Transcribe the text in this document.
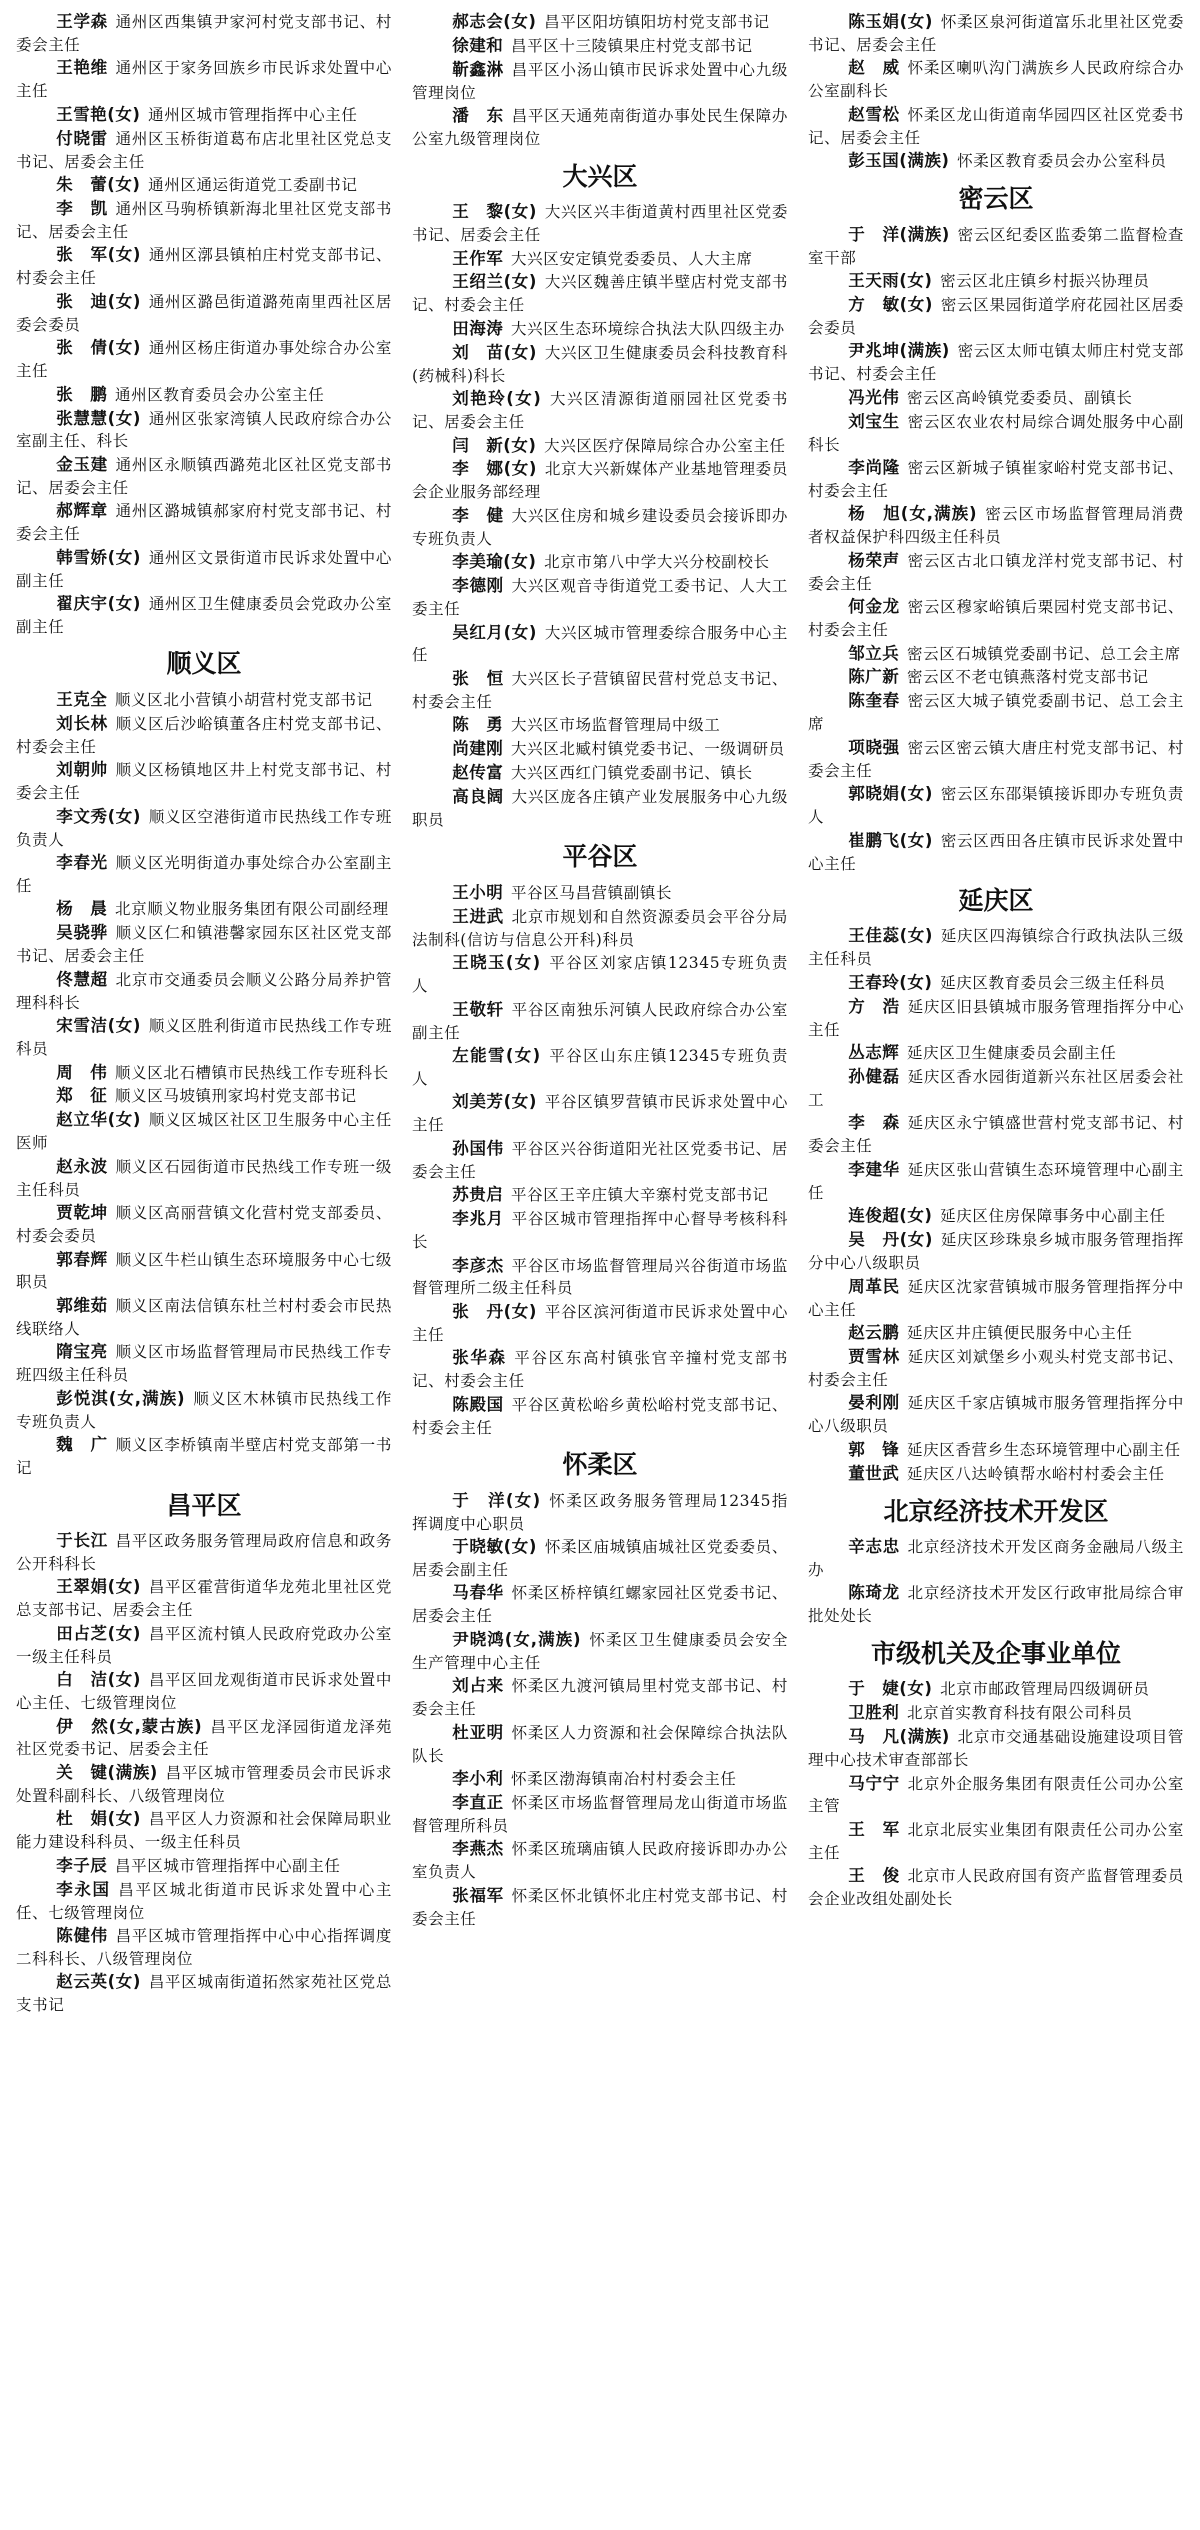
王学森 通州区西集镇尹家河村党支部书记、村委会主任

王艳维 通州区于家务回族乡市民诉求处置中心主任

王雪艳(女) 通州区城市管理指挥中心主任

付晓雷 通州区玉桥街道葛布店北里社区党总支书记、居委会主任

朱　蕾(女) 通州区通运街道党工委副书记

李　凯 通州区马驹桥镇新海北里社区党支部书记、居委会主任

张　军(女) 通州区漷县镇柏庄村党支部书记、村委会主任

张　迪(女) 通州区潞邑街道潞苑南里西社区居委会委员

张　倩(女) 通州区杨庄街道办事处综合办公室主任

张　鹏 通州区教育委员会办公室主任

张慧慧(女) 通州区张家湾镇人民政府综合办公室副主任、科长

金玉建 通州区永顺镇西潞苑北区社区党支部书记、居委会主任

郝辉章 通州区潞城镇郝家府村党支部书记、村委会主任

韩雪娇(女) 通州区文景街道市民诉求处置中心副主任

翟庆宇(女) 通州区卫生健康委员会党政办公室副主任

顺义区

王克全 顺义区北小营镇小胡营村党支部书记

刘长林 顺义区后沙峪镇董各庄村党支部书记、村委会主任

刘朝帅 顺义区杨镇地区井上村党支部书记、村委会主任

李文秀(女) 顺义区空港街道市民热线工作专班负责人

李春光 顺义区光明街道办事处综合办公室副主任

杨　晨 北京顺义物业服务集团有限公司副经理

吴骁骅 顺义区仁和镇港馨家园东区社区党支部书记、居委会主任

佟慧超 北京市交通委员会顺义公路分局养护管理科科长

宋雪洁(女) 顺义区胜利街道市民热线工作专班科员

周　伟 顺义区北石槽镇市民热线工作专班科长

郑　征 顺义区马坡镇刑家坞村党支部书记

赵立华(女) 顺义区城区社区卫生服务中心主任医师

赵永波 顺义区石园街道市民热线工作专班一级主任科员

贾乾坤 顺义区高丽营镇文化营村党支部委员、村委会委员

郭春辉 顺义区牛栏山镇生态环境服务中心七级职员

郭维茹 顺义区南法信镇东杜兰村村委会市民热线联络人

隋宝亮 顺义区市场监督管理局市民热线工作专班四级主任科员

彭悦淇(女,满族) 顺义区木林镇市民热线工作专班负责人

魏　广 顺义区李桥镇南半壁店村党支部第一书记

昌平区

于长江 昌平区政务服务管理局政府信息和政务公开科科长

王翠娟(女) 昌平区霍营街道华龙苑北里社区党总支部书记、居委会主任

田占芝(女) 昌平区流村镇人民政府党政办公室一级主任科员

白　洁(女) 昌平区回龙观街道市民诉求处置中心主任、七级管理岗位

伊　然(女,蒙古族) 昌平区龙泽园街道龙泽苑社区党委书记、居委会主任

关　键(满族) 昌平区城市管理委员会市民诉求处置科副科长、八级管理岗位

杜　娟(女) 昌平区人力资源和社会保障局职业能力建设科科员、一级主任科员

李子辰 昌平区城市管理指挥中心副主任

李永国 昌平区城北街道市民诉求处置中心主任、七级管理岗位

陈健伟 昌平区城市管理指挥中心中心指挥调度二科科长、八级管理岗位

赵云英(女) 昌平区城南街道拓然家苑社区党总支书记

郝志会(女) 昌平区阳坊镇阳坊村党支部书记

徐建和 昌平区十三陵镇果庄村党支部书记

靳鑫淋 昌平区小汤山镇市民诉求处置中心九级管理岗位

潘　东 昌平区天通苑南街道办事处民生保障办公室九级管理岗位

大兴区

王　黎(女) 大兴区兴丰街道黄村西里社区党委书记、居委会主任

王作军 大兴区安定镇党委委员、人大主席

王绍兰(女) 大兴区魏善庄镇半壁店村党支部书记、村委会主任

田海涛 大兴区生态环境综合执法大队四级主办

刘　苗(女) 大兴区卫生健康委员会科技教育科(药械科)科长

刘艳玲(女) 大兴区清源街道丽园社区党委书记、居委会主任

闫　新(女) 大兴区医疗保障局综合办公室主任

李　娜(女) 北京大兴新媒体产业基地管理委员会企业服务部经理

李　健 大兴区住房和城乡建设委员会接诉即办专班负责人

李美瑜(女) 北京市第八中学大兴分校副校长

李德刚 大兴区观音寺街道党工委书记、人大工委主任

吴红月(女) 大兴区城市管理委综合服务中心主任

张　恒 大兴区长子营镇留民营村党总支书记、村委会主任

陈　勇 大兴区市场监督管理局中级工

尚建刚 大兴区北臧村镇党委书记、一级调研员

赵传富 大兴区西红门镇党委副书记、镇长

高良阔 大兴区庞各庄镇产业发展服务中心九级职员

平谷区

王小明 平谷区马昌营镇副镇长

王进武 北京市规划和自然资源委员会平谷分局法制科(信访与信息公开科)科员

王晓玉(女) 平谷区刘家店镇12345专班负责人

王敬轩 平谷区南独乐河镇人民政府综合办公室副主任

左能雪(女) 平谷区山东庄镇12345专班负责人

刘美芳(女) 平谷区镇罗营镇市民诉求处置中心主任

孙国伟 平谷区兴谷街道阳光社区党委书记、居委会主任

苏贵启 平谷区王辛庄镇大辛寨村党支部书记

李兆月 平谷区城市管理指挥中心督导考核科科长

李彦杰 平谷区市场监督管理局兴谷街道市场监督管理所二级主任科员

张　丹(女) 平谷区滨河街道市民诉求处置中心主任

张华森 平谷区东高村镇张官辛撞村党支部书记、村委会主任

陈殿国 平谷区黄松峪乡黄松峪村党支部书记、村委会主任

怀柔区

于　洋(女) 怀柔区政务服务管理局12345指挥调度中心职员

于晓敏(女) 怀柔区庙城镇庙城社区党委委员、居委会副主任

马春华 怀柔区桥梓镇红螺家园社区党委书记、居委会主任

尹晓鸿(女,满族) 怀柔区卫生健康委员会安全生产管理中心主任

刘占来 怀柔区九渡河镇局里村党支部书记、村委会主任

杜亚明 怀柔区人力资源和社会保障综合执法队队长

李小利 怀柔区渤海镇南冶村村委会主任

李直正 怀柔区市场监督管理局龙山街道市场监督管理所科员

李燕杰 怀柔区琉璃庙镇人民政府接诉即办办公室负责人

张福军 怀柔区怀北镇怀北庄村党支部书记、村委会主任

陈玉娟(女) 怀柔区泉河街道富乐北里社区党委书记、居委会主任

赵　威 怀柔区喇叭沟门满族乡人民政府综合办公室副科长

赵雪松 怀柔区龙山街道南华园四区社区党委书记、居委会主任

彭玉国(满族) 怀柔区教育委员会办公室科员

密云区

于　洋(满族) 密云区纪委区监委第二监督检查室干部

王天雨(女) 密云区北庄镇乡村振兴协理员

方　敏(女) 密云区果园街道学府花园社区居委会委员

尹兆坤(满族) 密云区太师屯镇太师庄村党支部书记、村委会主任

冯光伟 密云区高岭镇党委委员、副镇长

刘宝生 密云区农业农村局综合调处服务中心副科长

李尚隆 密云区新城子镇崔家峪村党支部书记、村委会主任

杨　旭(女,满族) 密云区市场监督管理局消费者权益保护科四级主任科员

杨荣声 密云区古北口镇龙洋村党支部书记、村委会主任

何金龙 密云区穆家峪镇后栗园村党支部书记、村委会主任

邹立兵 密云区石城镇党委副书记、总工会主席

陈广新 密云区不老屯镇燕落村党支部书记

陈奎春 密云区大城子镇党委副书记、总工会主席

项晓强 密云区密云镇大唐庄村党支部书记、村委会主任

郭晓娟(女) 密云区东邵渠镇接诉即办专班负责人

崔鹏飞(女) 密云区西田各庄镇市民诉求处置中心主任

延庆区

王佳蕊(女) 延庆区四海镇综合行政执法队三级主任科员

王春玲(女) 延庆区教育委员会三级主任科员

方　浩 延庆区旧县镇城市服务管理指挥分中心主任

丛志辉 延庆区卫生健康委员会副主任

孙健磊 延庆区香水园街道新兴东社区居委会社工

李　森 延庆区永宁镇盛世营村党支部书记、村委会主任

李建华 延庆区张山营镇生态环境管理中心副主任

连俊超(女) 延庆区住房保障事务中心副主任

吴　丹(女) 延庆区珍珠泉乡城市服务管理指挥分中心八级职员

周革民 延庆区沈家营镇城市服务管理指挥分中心主任

赵云鹏 延庆区井庄镇便民服务中心主任

贾雪林 延庆区刘斌堡乡小观头村党支部书记、村委会主任

晏利刚 延庆区千家店镇城市服务管理指挥分中心八级职员

郭　锋 延庆区香营乡生态环境管理中心副主任

董世武 延庆区八达岭镇帮水峪村村委会主任

北京经济技术开发区

辛志忠 北京经济技术开发区商务金融局八级主办

陈琦龙 北京经济技术开发区行政审批局综合审批处处长

市级机关及企事业单位

于　婕(女) 北京市邮政管理局四级调研员

卫胜利 北京首实教育科技有限公司科员

马　凡(满族) 北京市交通基础设施建设项目管理中心技术审查部部长

马宁宁 北京外企服务集团有限责任公司办公室主管

王　军 北京北辰实业集团有限责任公司办公室主任

王　俊 北京市人民政府国有资产监督管理委员会企业改组处副处长
